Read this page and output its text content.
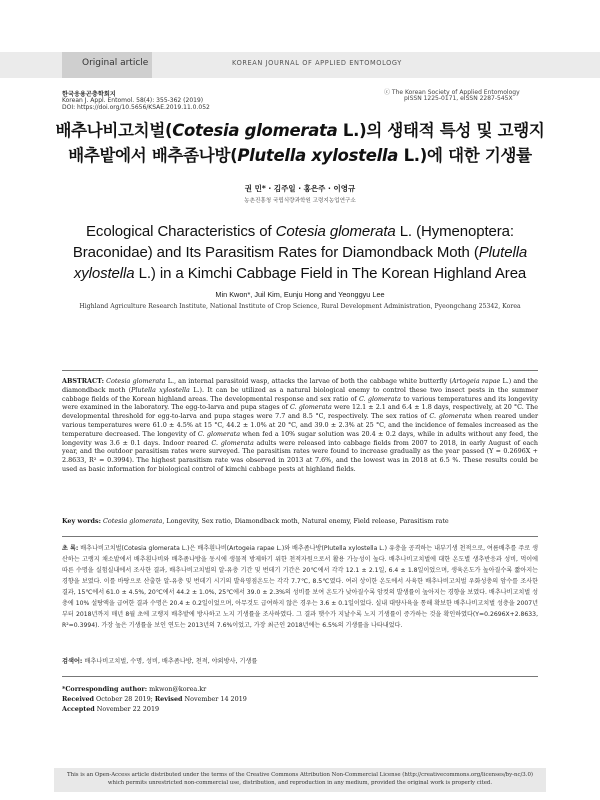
Original article	KOREAN JOURNAL OF APPLIED ENTOMOLOGY
한국응용곤충학회지
Korean J. Appl. Entomol. 58(4): 355-362 (2019)
DOI: https://doi.org/10.5656/KSAE.2019.11.0.052
ⓒ The Korean Society of Applied Entomology
pISSN 1225-0171, eISSN 2287-545X
배추나비고치벌(Cotesia glomerata L.)의 생태적 특성 및 고랭지
배추밭에서 배추좀나방(Plutella xylostella L.)에 대한 기생률
권 민* · 김주일 · 홍은주 · 이영규
농촌진흥청 국립식량과학원 고령지농업연구소
Ecological Characteristics of Cotesia glomerata L. (Hymenoptera: Braconidae) and Its Parasitism Rates for Diamondback Moth (Plutella xylostella L.) in a Kimchi Cabbage Field in The Korean Highland Area
Min Kwon*, Juil Kim, Eunju Hong and Yeonggyu Lee
Highland Agriculture Research Institute, National Institute of Crop Science, Rural Development Administration, Pyeongchang 25342, Korea
ABSTRACT: Cotesia glomerata L., an internal parasitoid wasp, attacks the larvae of both the cabbage white butterfly (Artogeia rapae L.) and the diamondback moth (Plutella xylostella L.). It can be utilized as a natural biological enemy to control these two insect pests in the summer cabbage fields of the Korean highland areas. The developmental response and sex ratio of C. glomerata to various temperatures and its longevity were examined in the laboratory. The egg-to-larva and pupa stages of C. glomerata were 12.1 ± 2.1 and 6.4 ± 1.8 days, respectively, at 20 °C. The developmental threshold for egg-to-larva and pupa stages were 7.7 and 8.5 °C, respectively. The sex ratios of C. glomerata when reared under various temperatures were 61.0 ± 4.5% at 15 °C, 44.2 ± 1.0% at 20 °C, and 39.0 ± 2.3% at 25 °C, and the incidence of females increased as the temperature decreased. The longevity of C. glomerata when fed a 10% sugar solution was 20.4 ± 0.2 days, while in adults without any feed, the longevity was 3.6 ± 0.1 days. Indoor reared C. glomerata adults were released into cabbage fields from 2007 to 2018, in early August of each year, and the outdoor parasitism rates were surveyed. The parasitism rates were found to increase gradually as the year passed (Y = 0.2696X + 2.8633, R² = 0.3994). The highest parasitism rate was observed in 2013 at 7.6%, and the lowest was in 2018 at 6.5 %. These results could be used as basic information for biological control of kimchi cabbage pests at highland fields.
Key words: Cotesia glomerata, Longevity, Sex ratio, Diamondback moth, Natural enemy, Field release, Parasitism rate
초 록: 배추나비고치벌(Cotesia glomerata L.)은 배추흰나비(Artogeia rapae L.)와 배추좀나방(Plutella xylostella L.) 유충을 공격하는 내부기생 천적으로, 여름배추를 주로 생산하는 고랭지 채소밭에서 배추흰나비와 배추좀나방을 동시에 생물적 방제하기 위한 천적자원으로서 활용 가능성이 높다. 배추나비고치벌에 대한 온도별 생추반응과 성비, 먹이에 따른 수명을 실험실내에서 조사한 결과, 배추나비고치벌의 알-유충 기간 및 번데기 기간은 20℃에서 각각 12.1 ± 2.1일, 6.4 ± 1.8일이었으며, 생육온도가 높아질수록 짧아지는 경향을 보였다. 이를 바탕으로 산출한 알-유충 및 번데기 시기의 발육영점온도는 각각 7.7℃, 8.5℃였다. 여러 상이한 온도에서 사육한 배추나비고치벌 우화성충의 암수를 조사한 결과, 15℃에서 61.0 ± 4.5%, 20℃에서 44.2 ± 1.0%, 25℃에서 39.0 ± 2.3%의 성비를 보여 온도가 낮아질수록 암컷의 발생률이 높아지는 경향을 보였다. 배추나비고치벌 성충에 10% 설탕액을 급여한 결과 수명은 20.4 ± 0.2일이었으며, 아무것도 급여하지 않은 경우는 3.6 ± 0.1일이었다. 실내 대량사육을 통해 확보한 배추나비고치벌 성충을 2007년부터 2018년까지 매년 8월 초에 고랭지 배추밭에 방사하고 노지 기생률을 조사하였다. 그 결과 햇수가 지날수록 노지 기생률이 증가하는 것을 확인하였다(Y=0.2696X+2.8633, R²=0.3994). 가장 높은 기생률을 보인 연도는 2013년의 7.6%이었고, 가장 최근인 2018년에는 6.5%의 기생률을 나타내었다.
검색어: 배추나비고치벌, 수명, 성비, 배추좀나방, 천적, 야외방사, 기생률
*Corresponding author: mkwon@korea.kr
Received October 28 2019; Revised November 14 2019
Accepted November 22 2019
This is an Open-Access article distributed under the terms of the Creative Commons Attribution Non-Commercial License (http://creativecommons.org/licenses/by-nc/3.0) which permits unrestricted non-commercial use, distribution, and reproduction in any medium, provided the original work is properly cited.
